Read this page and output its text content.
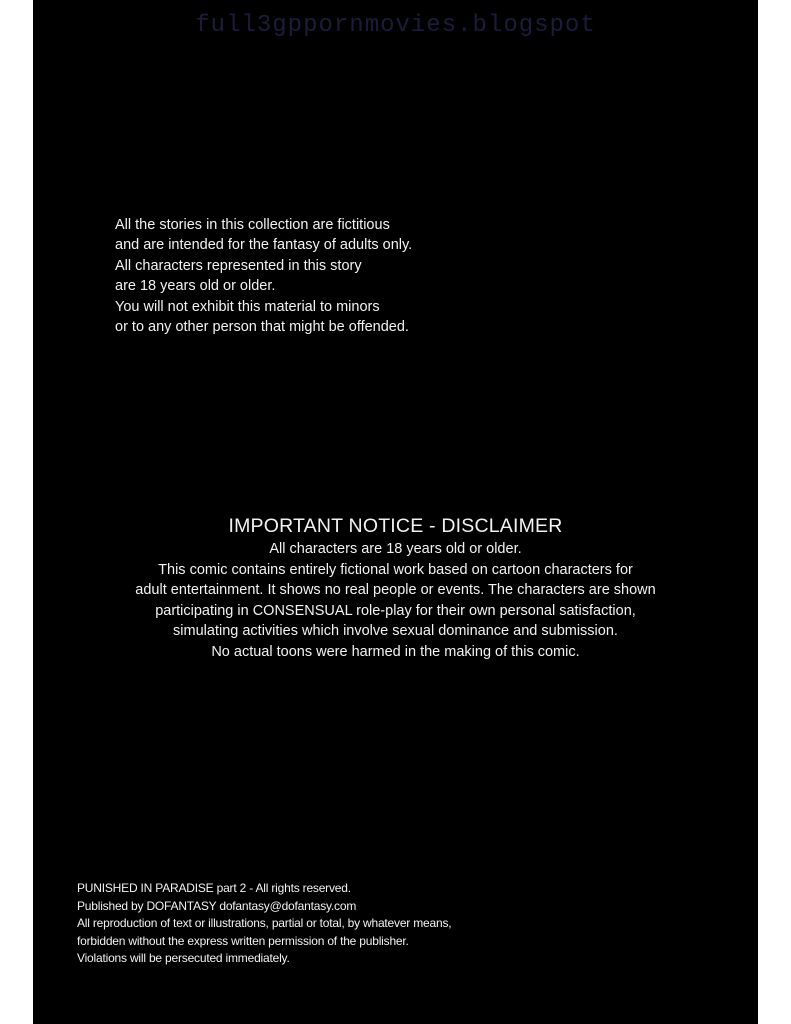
full3gppornmovies.blogspot
All the stories in this collection are fictitious
and are intended for the fantasy of adults only.
All characters represented in this story
are 18 years old or older.
You will not exhibit this material to minors
or to any other person that might be offended.
IMPORTANT NOTICE - DISCLAIMER
All characters are 18 years old or older.
This comic contains entirely fictional work based on cartoon characters for
adult entertainment. It shows no real people or events. The characters are shown
participating in CONSENSUAL role-play for their own personal satisfaction,
simulating activities which involve sexual dominance and submission.
No actual toons were harmed in the making of this comic.
PUNISHED IN PARADISE part 2 - All rights reserved.
Published by DOFANTASY dofantasy@dofantasy.com
All reproduction of text or illustrations, partial or total, by whatever means,
forbidden without the express written permission of the publisher.
Violations will be persecuted immediately.
